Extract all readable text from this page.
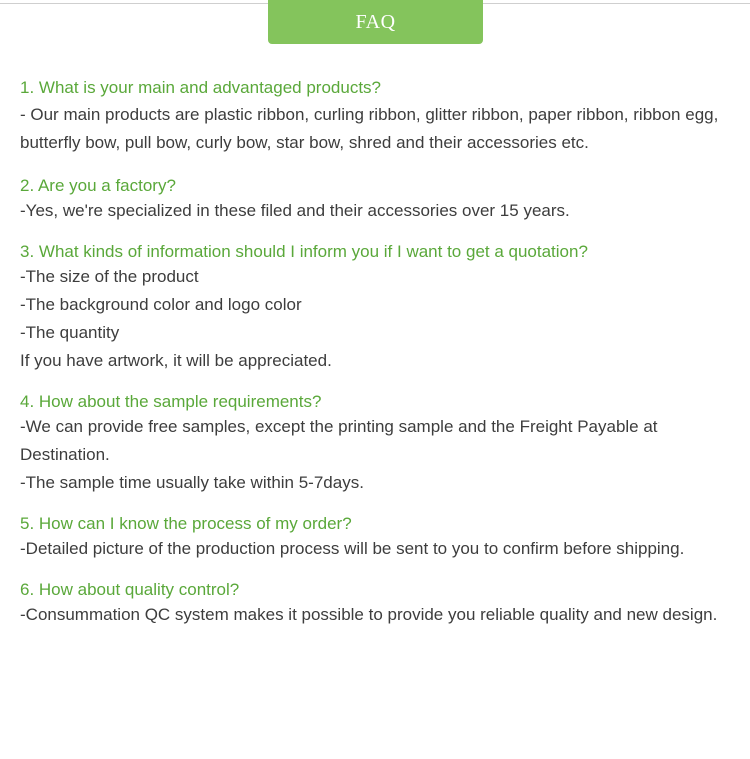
FAQ

1. What is your main and advantaged products?

- Our main products are plastic ribbon, curling ribbon, glitter ribbon, paper ribbon, ribbon egg, butterfly bow, pull bow, curly bow, star bow, shred and their accessories etc.

2. Are you a factory?

-Yes, we're specialized in these filed and their accessories over 15 years.

3. What kinds of information should I inform you if I want to get a quotation?

-The size of the product

-The background color and logo color

-The quantity

If you have artwork, it will be appreciated.

4. How about the sample requirements?

-We can provide free samples, except the printing sample and the Freight Payable at Destination.

-The sample time usually take within 5-7days.

5. How can I know the process of my order?

-Detailed picture of the production process will be sent to you to confirm before shipping.

6. How about quality control?

-Consummation QC system makes it possible to provide you reliable quality and new design.
